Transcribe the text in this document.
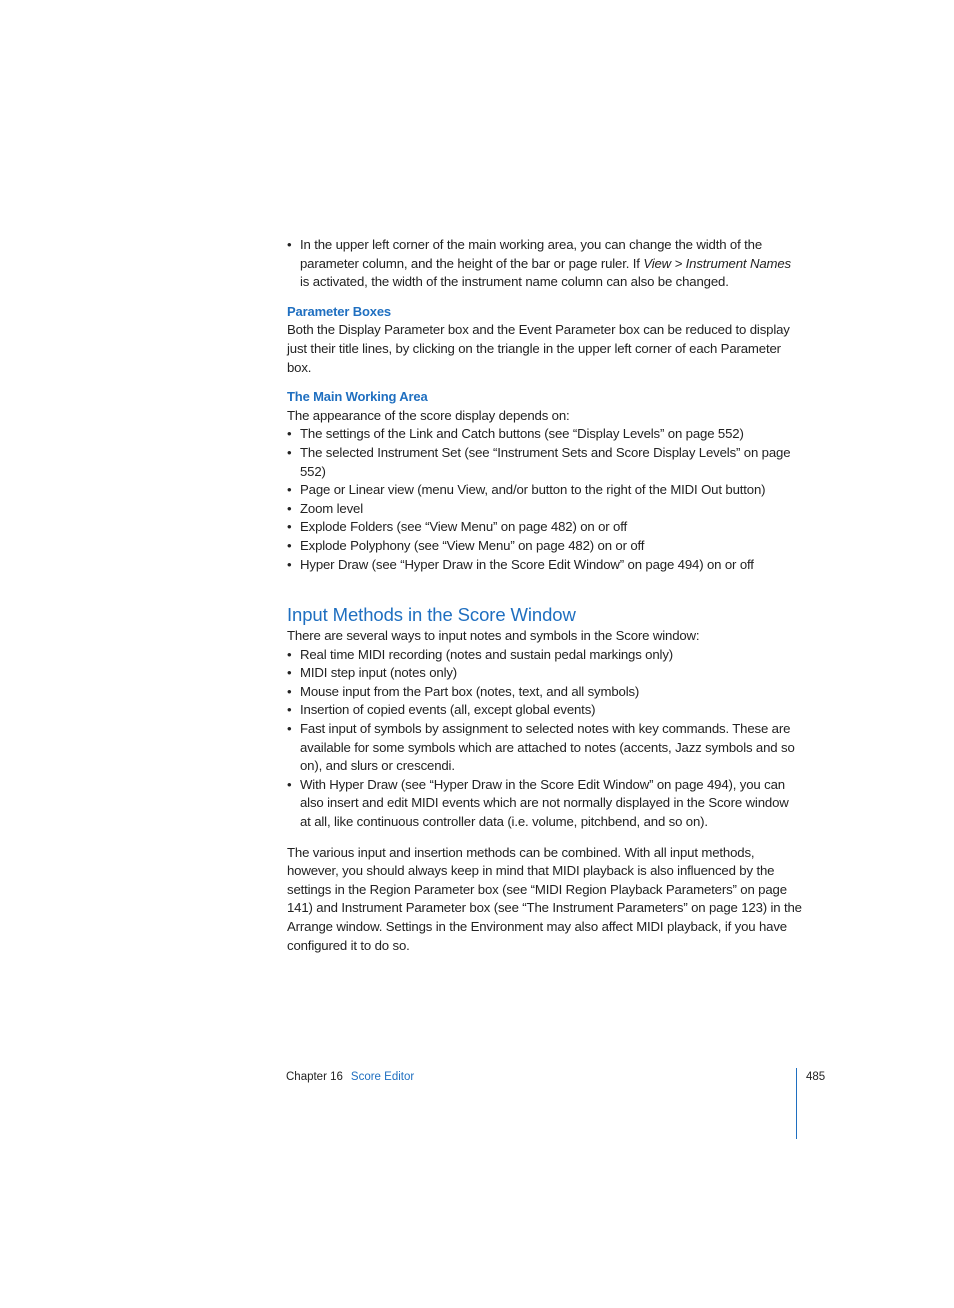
• In the upper left corner of the main working area, you can change the width of the parameter column, and the height of the bar or page ruler. If View > Instrument Names is activated, the width of the instrument name column can also be changed.
Parameter Boxes

Both the Display Parameter box and the Event Parameter box can be reduced to display just their title lines, by clicking on the triangle in the upper left corner of each Parameter box.

The Main Working Area

The appearance of the score display depends on:

• The settings of the Link and Catch buttons (see “Display Levels” on page 552)
• The selected Instrument Set (see “Instrument Sets and Score Display Levels” on page 552)
• Page or Linear view (menu View, and/or button to the right of the MIDI Out button)
• Zoom level
• Explode Folders (see “View Menu” on page 482) on or off
• Explode Polyphony (see “View Menu” on page 482) on or off
• Hyper Draw (see “Hyper Draw in the Score Edit Window” on page 494) on or off
Input Methods in the Score Window

There are several ways to input notes and symbols in the Score window:

• Real time MIDI recording (notes and sustain pedal markings only)
• MIDI step input (notes only)
• Mouse input from the Part box (notes, text, and all symbols)
• Insertion of copied events (all, except global events)
• Fast input of symbols by assignment to selected notes with key commands. These are available for some symbols which are attached to notes (accents, Jazz symbols and so on), and slurs or crescendi.
• With Hyper Draw (see “Hyper Draw in the Score Edit Window” on page 494), you can also insert and edit MIDI events which are not normally displayed in the Score window at all, like continuous controller data (i.e. volume, pitchbend, and so on).

The various input and insertion methods can be combined. With all input methods, however, you should always keep in mind that MIDI playback is also influenced by the settings in the Region Parameter box (see “MIDI Region Playback Parameters” on page 141) and Instrument Parameter box (see “The Instrument Parameters” on page 123) in the Arrange window. Settings in the Environment may also affect MIDI playback, if you have configured it to do so.

Chapter 16 Score Editor	485
